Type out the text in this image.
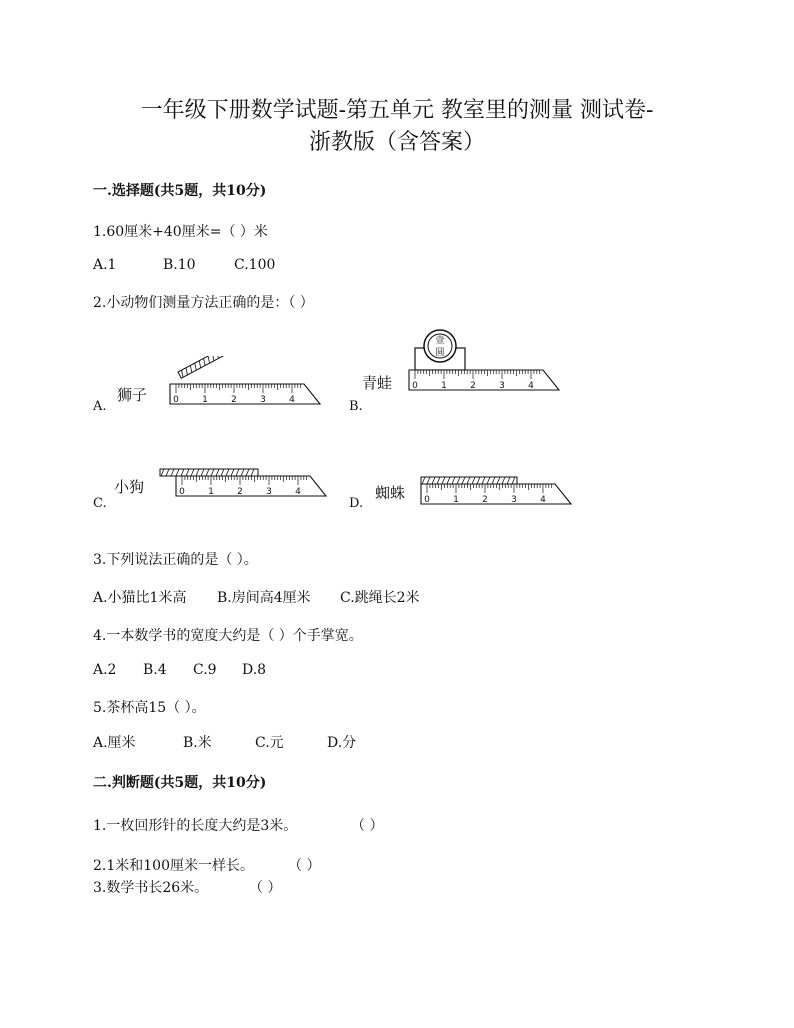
一年级下册数学试题-第五单元 教室里的测量 测试卷-
浙教版（含答案）
一.选择题(共5题，共10分)
1.60厘米+40厘米=（ ）米
A.1	B.10	C.100
2.小动物们测量方法正确的是：（ ）
A.
狮子	0	1	2	3	4	B.
青蛙
壹
圆
0	1	2	3	4
C.
小狗	0	1	2	3	4
D.
蜘蛛 0	1	2	3	4
3.下列说法正确的是（ ）。
A.小猫比1米高 B.房间高4厘米 C.跳绳长2米
4.一本数学书的宽度大约是（ ）个手掌宽。
A.2 B.4 C.9 D.8
5.茶杯高15（ ）。
A.厘米	B.米	C.元	D.分
二.判断题(共5题，共10分)
1.一枚回形针的长度大约是3米。	（ ）
2.1米和100厘米一样长。 （ ）
3.数学书长26米。	（ ）
